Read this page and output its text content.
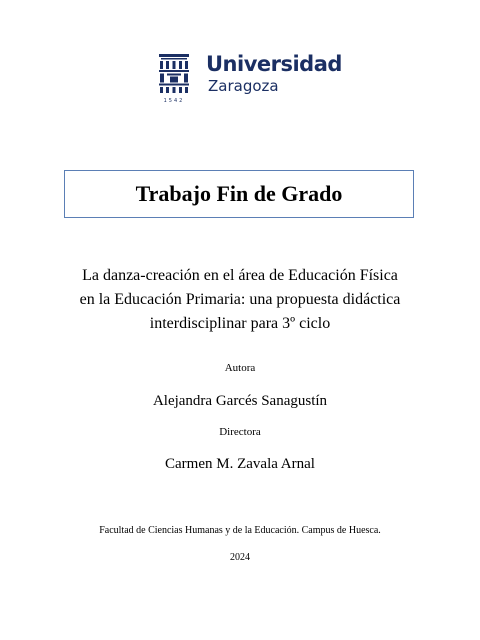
1542
Universidad
Zaragoza
Trabajo Fin de Grado
La danza-creación en el área de Educación Física
en la Educación Primaria: una propuesta didáctica
interdisciplinar para 3º ciclo
Autora
Alejandra Garcés Sanagustín
Directora
Carmen M. Zavala Arnal
Facultad de Ciencias Humanas y de la Educación. Campus de Huesca.
2024
